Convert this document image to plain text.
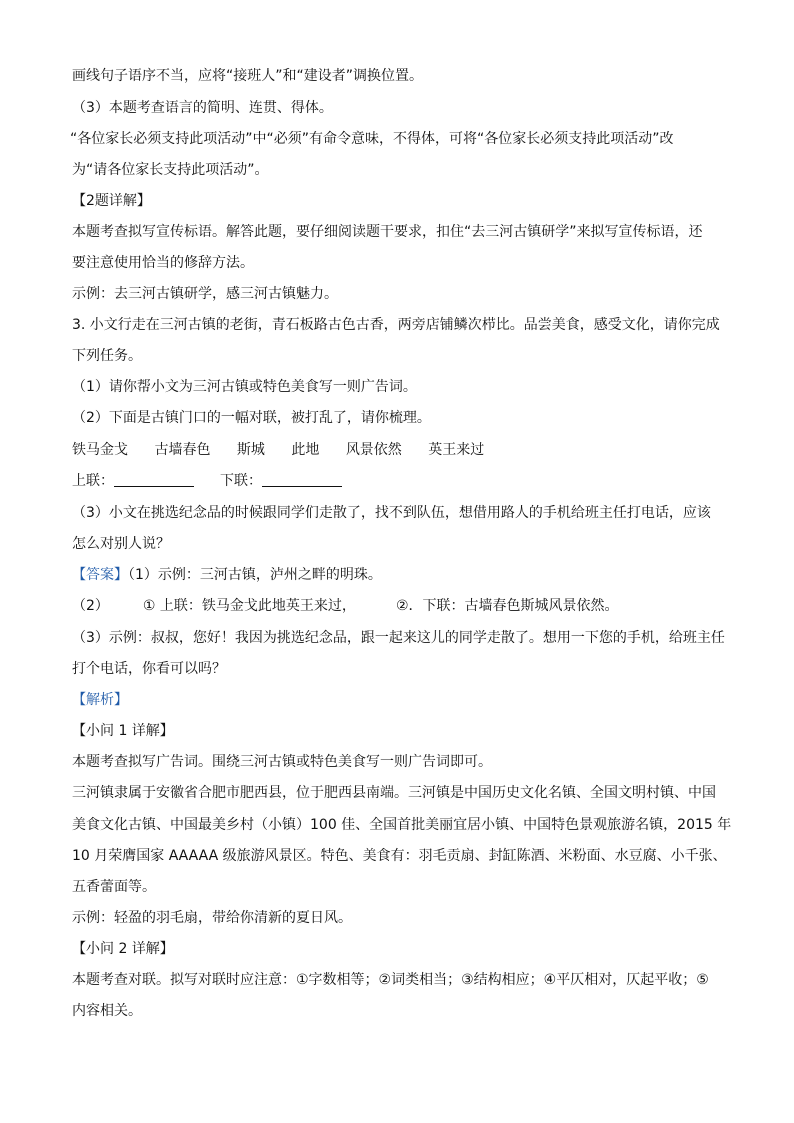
画线句子语序不当，应将“接班人”和“建设者”调换位置。

（3）本题考查语言的简明、连贯、得体。

“各位家长必须支持此项活动”中“必须”有命令意味，不得体，可将“各位家长必须支持此项活动”改

为“请各位家长支持此项活动”。

【2题详解】

本题考查拟写宣传标语。解答此题，要仔细阅读题干要求，扣住“去三河古镇研学”来拟写宣传标语，还

要注意使用恰当的修辞方法。

示例：去三河古镇研学，感三河古镇魅力。

3. 小文行走在三河古镇的老街，青石板路古色古香，两旁店铺鳞次栉比。品尝美食，感受文化，请你完成

下列任务。

（1）请你帮小文为三河古镇或特色美食写一则广告词。

（2）下面是古镇门口的一幅对联，被打乱了，请你梳理。

铁马金戈 古墙春色 斯城 此地 风景依然 英王来过

上联：	下联：

（3）小文在挑选纪念品的时候跟同学们走散了，找不到队伍，想借用路人的手机给班主任打电话，应该

怎么对别人说？

【答案】（1）示例：三河古镇，泸州之畔的明珠。

（2） ① 上联：铁马金戈此地英王来过，	②．下联：古墙春色斯城风景依然。

（3）示例：叔叔，您好！我因为挑选纪念品，跟一起来这儿的同学走散了。想用一下您的手机，给班主任

打个电话，你看可以吗？

【解析】

【小问 1 详解】

本题考查拟写广告词。围绕三河古镇或特色美食写一则广告词即可。

三河镇隶属于安徽省合肥市肥西县，位于肥西县南端。三河镇是中国历史文化名镇、全国文明村镇、中国

美食文化古镇、中国最美乡村（小镇）100 佳、全国首批美丽宜居小镇、中国特色景观旅游名镇，2015 年

10 月荣膺国家 AAAAA 级旅游风景区。特色、美食有：羽毛贡扇、封缸陈酒、米粉面、水豆腐、小千张、

五香蕾面等。

示例：轻盈的羽毛扇，带给你清新的夏日风。

【小问 2 详解】

本题考查对联。拟写对联时应注意：①字数相等；②词类相当；③结构相应；④平仄相对，仄起平收；⑤

内容相关。
